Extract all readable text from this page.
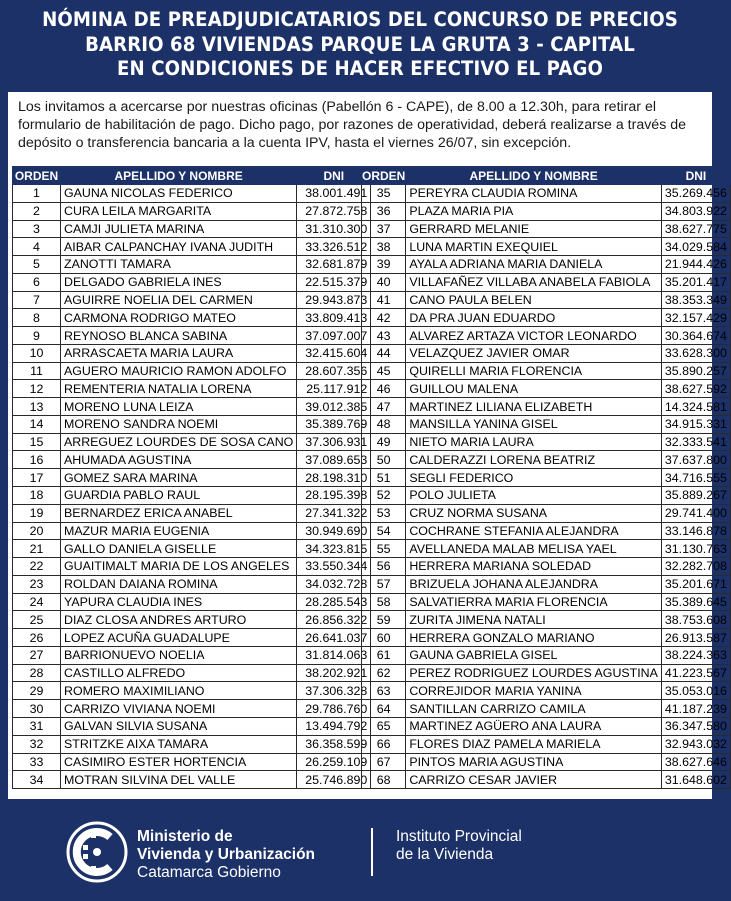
NÓMINA DE PREADJUDICATARIOS DEL CONCURSO DE PRECIOS
BARRIO 68 VIVIENDAS PARQUE LA GRUTA 3 - CAPITAL
EN CONDICIONES DE HACER EFECTIVO EL PAGO

Los invitamos a acercarse por nuestras oficinas (Pabellón 6 - CAPE), de 8.00 a 12.30h, para retirar el formulario de habilitación de pago. Dicho pago, por razones de operatividad, deberá realizarse a través de depósito o transferencia bancaria a la cuenta IPV, hasta el viernes 26/07, sin excepción.

ORDEN	APELLIDO Y NOMBRE	DNI
1	GAUNA NICOLAS FEDERICO	38.001.491
2	CURA LEILA MARGARITA	27.872.758
3	CAMJI JULIETA MARINA	31.310.300
4	AIBAR CALPANCHAY IVANA JUDITH	33.326.512
5	ZANOTTI TAMARA	32.681.879
6	DELGADO GABRIELA INES	22.515.379
7	AGUIRRE NOELIA DEL CARMEN	29.943.873
8	CARMONA RODRIGO MATEO	33.809.413
9	REYNOSO BLANCA SABINA	37.097.007
10	ARRASCAETA MARIA LAURA	32.415.604
11	AGUERO MAURICIO RAMON ADOLFO	28.607.356
12	REMENTERIA NATALIA LORENA	25.117.912
13	MORENO LUNA LEIZA	39.012.385
14	MORENO SANDRA NOEMI	35.389.769
15	ARREGUEZ LOURDES DE SOSA CANO	37.306.931
16	AHUMADA AGUSTINA	37.089.653
17	GOMEZ SARA MARINA	28.198.310
18	GUARDIA PABLO RAUL	28.195.398
19	BERNARDEZ ERICA ANABEL	27.341.322
20	MAZUR MARIA EUGENIA	30.949.690
21	GALLO DANIELA GISELLE	34.323.815
22	GUAITIMALT MARIA DE LOS ANGELES	33.550.344
23	ROLDAN DAIANA ROMINA	34.032.728
24	YAPURA CLAUDIA INES	28.285.543
25	DIAZ CLOSA ANDRES ARTURO	26.856.322
26	LOPEZ ACUÑA GUADALUPE	26.641.037
27	BARRIONUEVO NOELIA	31.814.063
28	CASTILLO ALFREDO	38.202.921
29	ROMERO MAXIMILIANO	37.306.328
30	CARRIZO VIVIANA NOEMI	29.786.760
31	GALVAN SILVIA SUSANA	13.494.792
32	STRITZKE AIXA TAMARA	36.358.599
33	CASIMIRO ESTER HORTENCIA	26.259.109
34	MOTRAN SILVINA DEL VALLE	25.746.890
ORDEN	APELLIDO Y NOMBRE	DNI
35	PEREYRA CLAUDIA ROMINA	35.269.456
36	PLAZA MARIA PIA	34.803.922
37	GERRARD MELANIE	38.627.775
38	LUNA MARTIN EXEQUIEL	34.029.584
39	AYALA ADRIANA MARIA DANIELA	21.944.426
40	VILLAFAÑEZ VILLABA ANABELA FABIOLA	35.201.417
41	CANO PAULA BELEN	38.353.349
42	DA PRA JUAN EDUARDO	32.157.429
43	ALVAREZ ARTAZA VICTOR LEONARDO	30.364.674
44	VELAZQUEZ JAVIER OMAR	33.628.300
45	QUIRELLI MARIA FLORENCIA	35.890.257
46	GUILLOU MALENA	38.627.592
47	MARTINEZ LILIANA ELIZABETH	14.324.581
48	MANSILLA YANINA GISEL	34.915.331
49	NIETO MARIA LAURA	32.333.541
50	CALDERAZZI LORENA BEATRIZ	37.637.800
51	SEGLI FEDERICO	34.716.555
52	POLO JULIETA	35.889.267
53	CRUZ NORMA SUSANA	29.741.400
54	COCHRANE STEFANIA ALEJANDRA	33.146.878
55	AVELLANEDA MALAB MELISA YAEL	31.130.763
56	HERRERA MARIANA SOLEDAD	32.282.708
57	BRIZUELA JOHANA ALEJANDRA	35.201.671
58	SALVATIERRA MARIA FLORENCIA	35.389.645
59	ZURITA JIMENA NATALI	38.753.608
60	HERRERA GONZALO MARIANO	26.913.587
61	GAUNA GABRIELA GISEL	38.224.363
62	PEREZ RODRIGUEZ LOURDES AGUSTINA	41.223.567
63	CORREJIDOR MARIA YANINA	35.053.016
64	SANTILLAN CARRIZO CAMILA	41.187.239
65	MARTINEZ AGÜERO ANA LAURA	36.347.580
66	FLORES DIAZ PAMELA MARIELA	32.943.032
67	PINTOS MARIA AGUSTINA	38.627.646
68	CARRIZO CESAR JAVIER	31.648.602
Ministerio de
Vivienda y Urbanización
Catamarca Gobierno
Instituto Provincial
de la Vivienda
